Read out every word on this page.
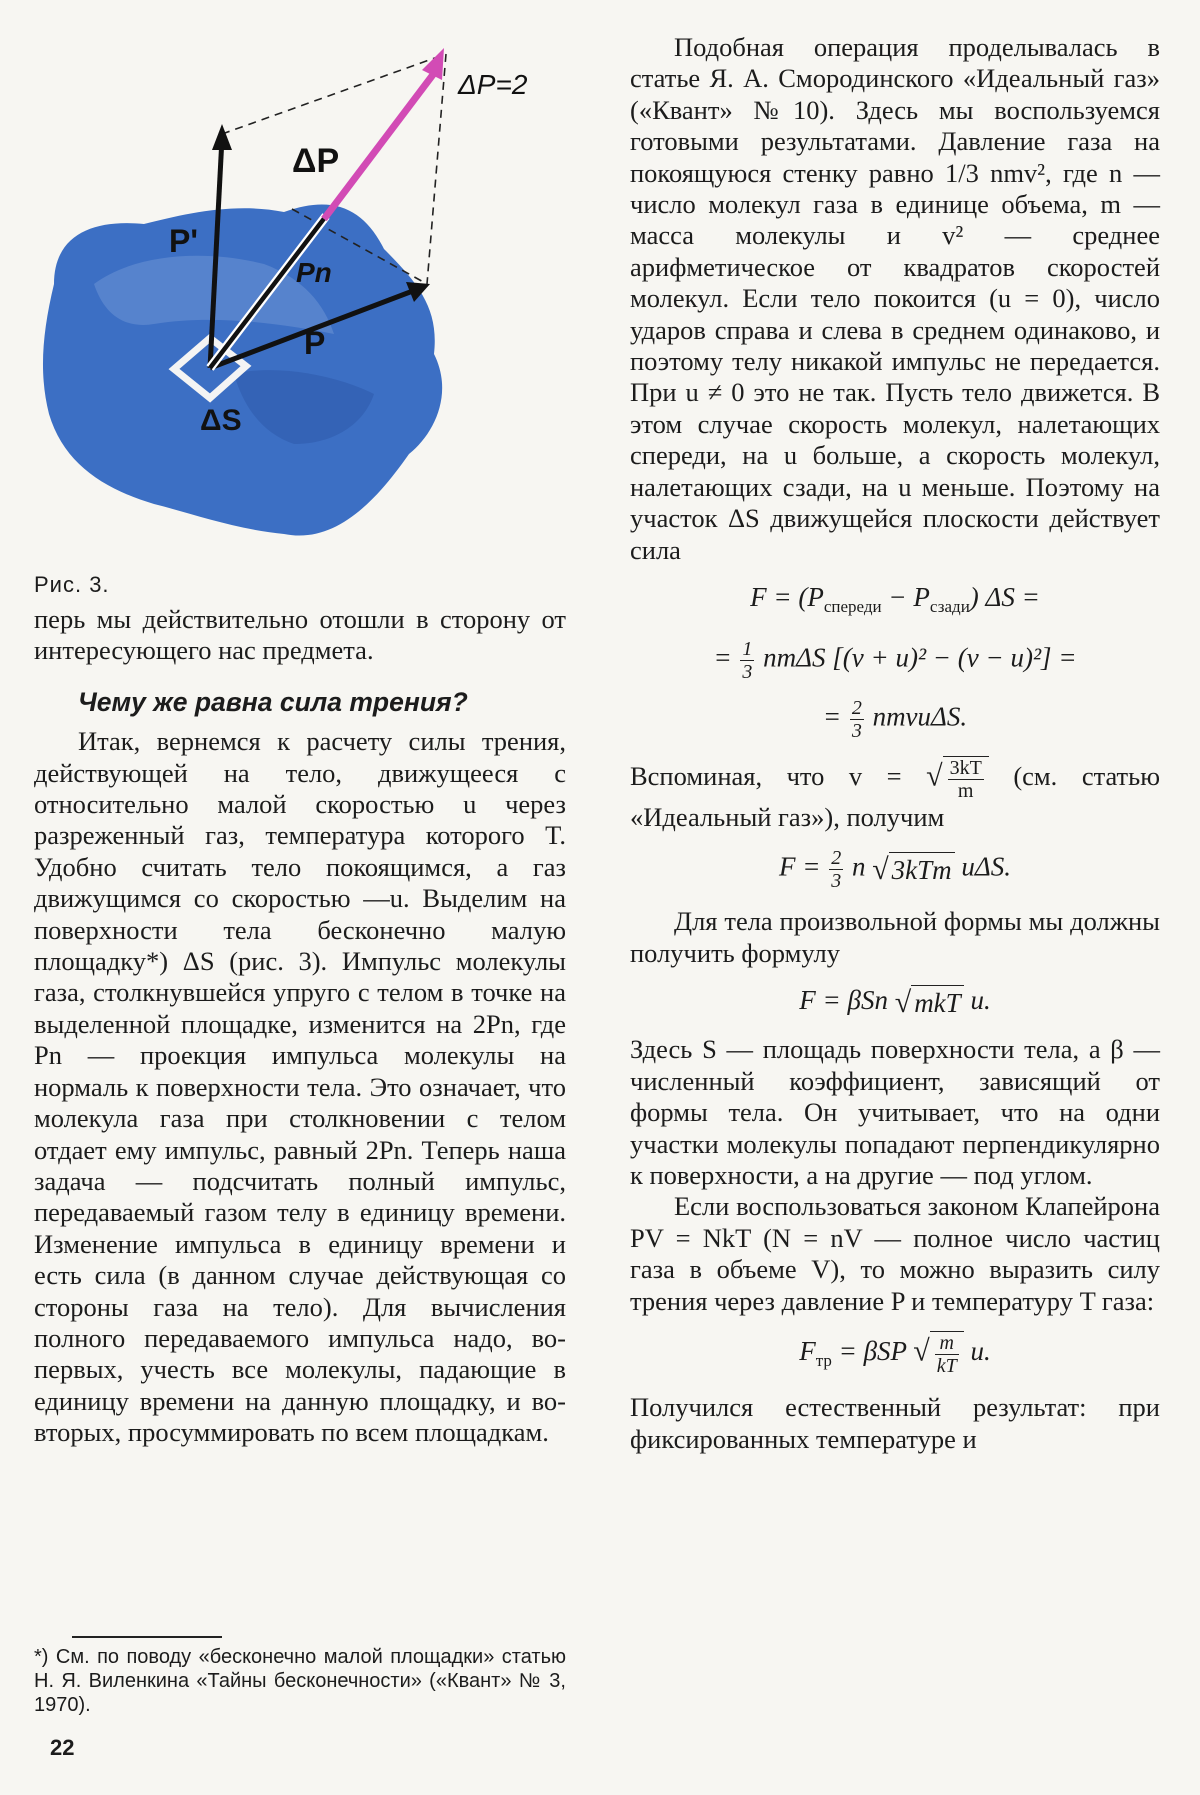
ΔP
P'
Pn
P
ΔS
ΔP=2
Рис. 3.

перь мы действительно отошли в сторону от интересующего нас предмета.

Чему же равна сила трения?

Итак, вернемся к расчету силы трения, действующей на тело, движущееся с относительно малой скоростью u через разреженный газ, температура которого T. Удобно считать тело покоящимся, а газ движущимся со скоростью —u. Выделим на поверхности тела бесконечно малую площадку*) ΔS (рис. 3). Импульс молекулы газа, столкнувшейся упруго с телом в точке на выделенной площадке, изменится на 2Pn, где Pn — проекция импульса молекулы на нормаль к поверхности тела. Это означает, что молекула газа при столкновении с телом отдает ему импульс, равный 2Pn. Теперь наша задача — подсчитать полный импульс, передаваемый газом телу в единицу времени. Изменение импульса в единицу времени и есть сила (в данном случае действующая со стороны газа на тело). Для вычисления полного передаваемого импульса надо, во-первых, учесть все молекулы, падающие в единицу времени на данную площадку, и во-вторых, просуммировать по всем площадкам.

*) См. по поводу «бесконечно малой площадки» статью Н. Я. Виленкина «Тайны бесконечности» («Квант» № 3, 1970).
22

Подобная операция проделывалась в статье Я. А. Смородинского «Идеальный газ» («Квант» №10). Здесь мы воспользуемся готовыми результатами. Давление газа на покоящуюся стенку равно 1/3 nmv², где n — число молекул газа в единице объема, m — масса молекулы и v² — среднее арифметическое от квадратов скоростей молекул. Если тело покоится (u = 0), число ударов справа и слева в среднем одинаково, и поэтому телу никакой импульс не передается. При u ≠ 0 это не так. Пусть тело движется. В этом случае скорость молекул, налетающих спереди, на u больше, а скорость молекул, налетающих сзади, на u меньше. Поэтому на участок ΔS движущейся плоскости действует сила

$F = (P_{спереди} - P_{сзади}) \Delta S$ =
= $\frac{1}{3}$ nmΔS [(v + u)² − (v − u)²] =
= $\frac{2}{3}$ nmvuΔS.

Вспоминая, что v = √ $\frac{3kT}{m} (см$. статью «Идеальный газ»), получим

$F = \frac{2}{3}$ n √ 3kTm uΔS.

Для тела произвольной формы мы должны получить формулу

F = βSn √ mkT u.

Здесь S — площадь поверхности тела, а β — численный коэффициент, зависящий от формы тела. Он учитывает, что на одни участки молекулы попадают перпендикулярно к поверхности, а на другие — под углом.

Если воспользоваться законом Клапейрона PV = NkT (N = nV — полное число частиц газа в объеме V), то можно выразить силу трения через давление P и температуру T газа:

$F_{тр} = \beta SP$ √ $\frac{m}{kT} u$.

Получился естественный результат: при фиксированных температуре и
